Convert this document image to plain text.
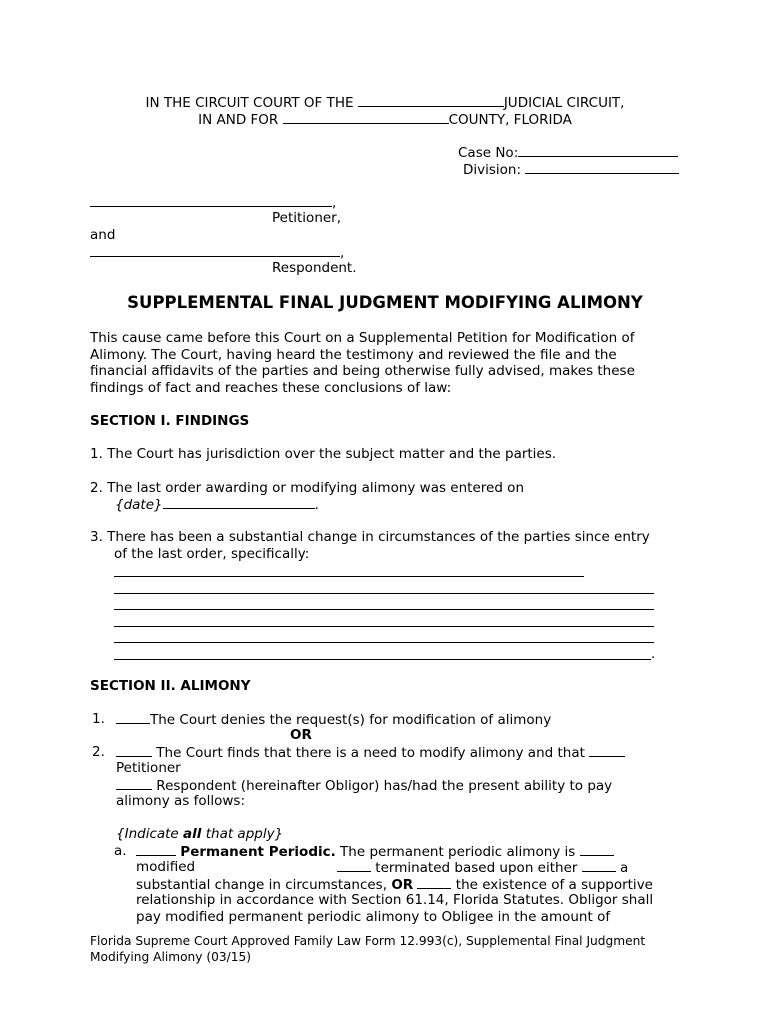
IN THE CIRCUIT COURT OF THE	JUDICIAL CIRCUIT,
IN AND FOR	COUNTY, FLORIDA
Case No:
Division:
,
Petitioner,
and
,
Respondent.
SUPPLEMENTAL FINAL JUDGMENT MODIFYING ALIMONY
This cause came before this Court on a Supplemental Petition for Modification of
Alimony. The Court, having heard the testimony and reviewed the file and the
financial affidavits of the parties and being otherwise fully advised, makes these
findings of fact and reaches these conclusions of law:
SECTION I. FINDINGS
1. The Court has jurisdiction over the subject matter and the parties.
2. The last order awarding or modifying alimony was entered on
{date}	.
3. There has been a substantial change in circumstances of the parties since entry
of the last order, specifically:
.
SECTION II. ALIMONY
1.	The Court denies the request(s) for modification of alimony
OR
2.	The Court finds that there is a need to modify alimony and that
Petitioner
Respondent (hereinafter Obligor) has/had the present ability to pay
alimony as follows:
{Indicate all that apply}
a.	Permanent Periodic. The permanent periodic alimony is
modified	terminated based upon either	a
substantial change in circumstances, OR	the existence of a supportive
relationship in accordance with Section 61.14, Florida Statutes. Obligor shall
pay modified permanent periodic alimony to Obligee in the amount of
Florida Supreme Court Approved Family Law Form 12.993(c), Supplemental Final Judgment
Modifying Alimony (03/15)
